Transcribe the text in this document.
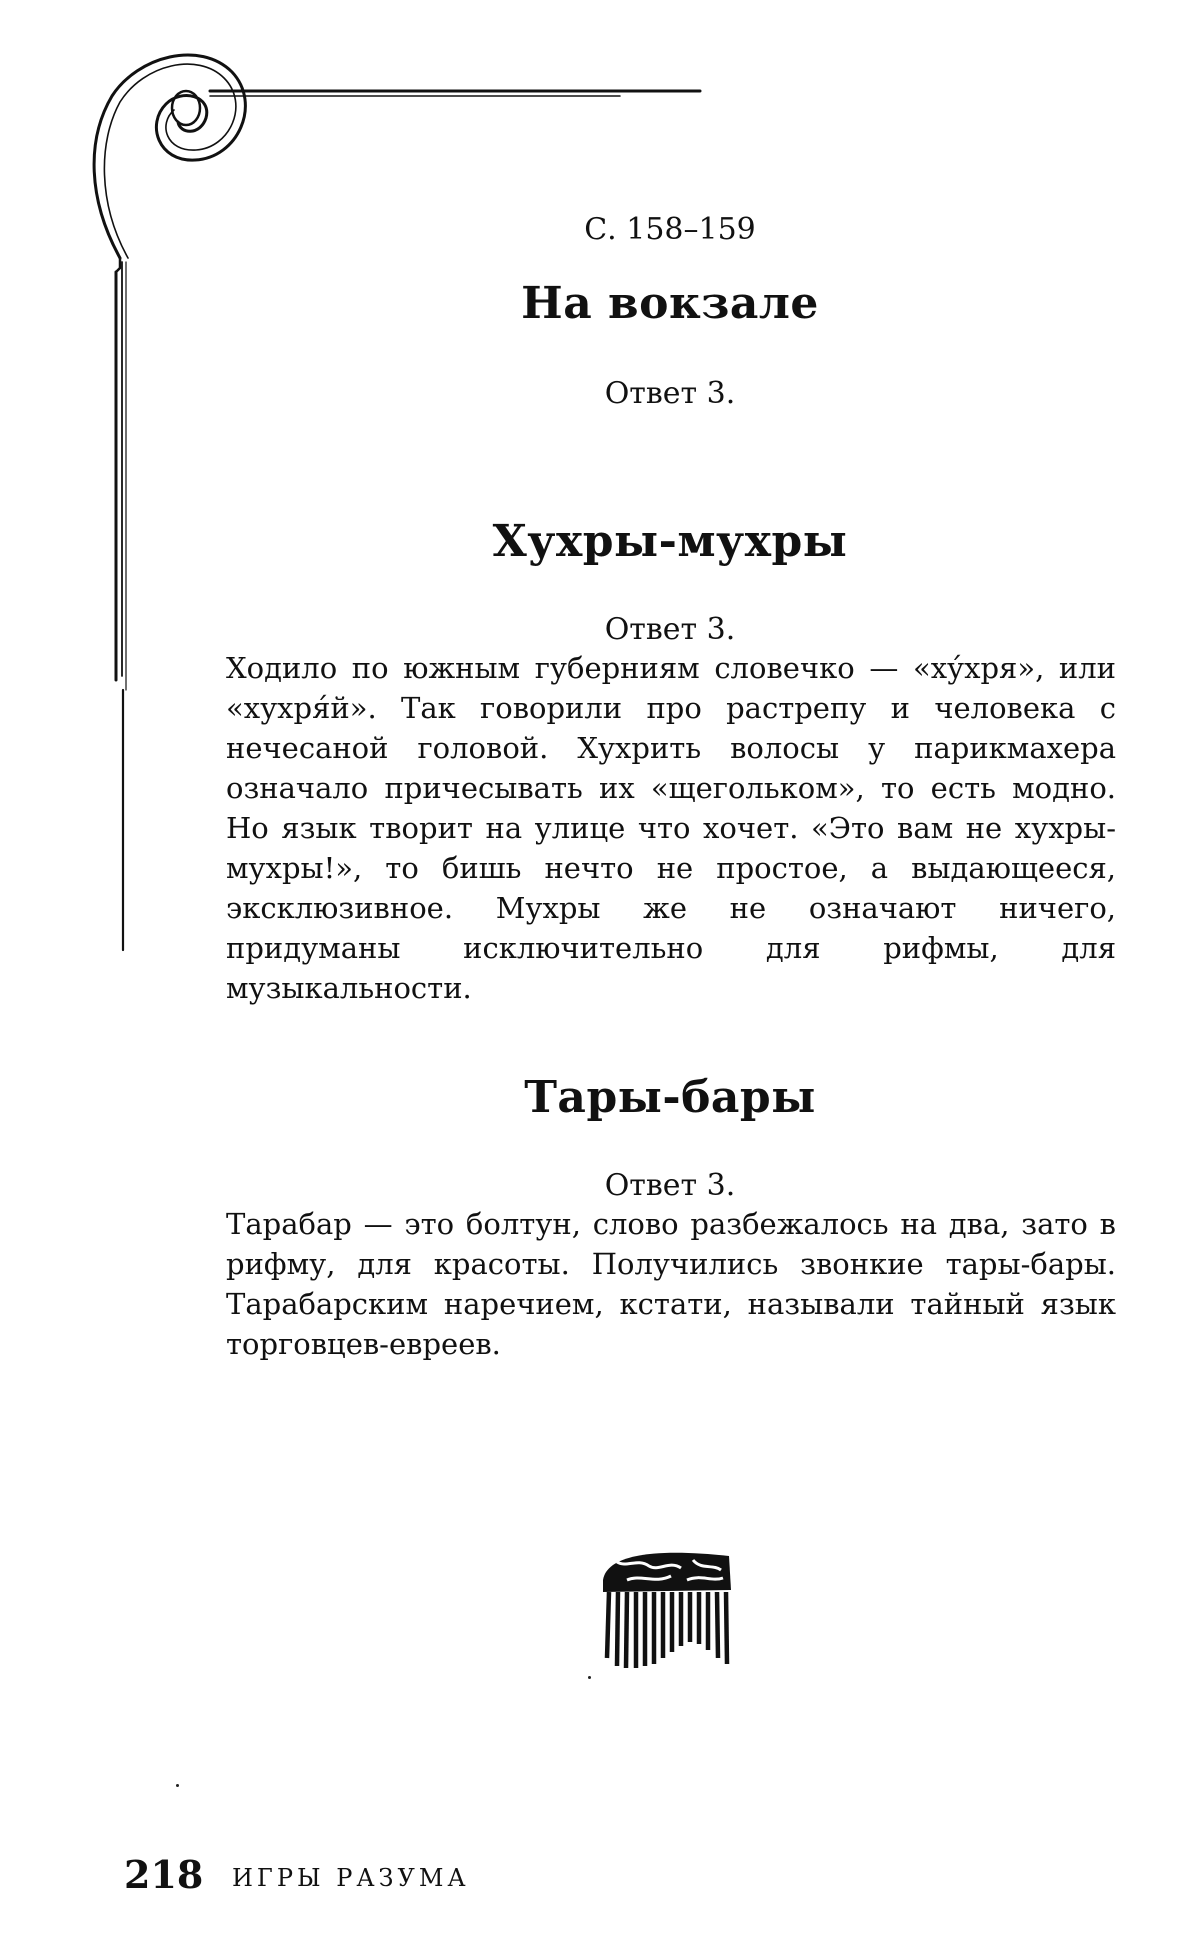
С. 158–159
На вокзале
Ответ 3.
Хухры-мухры
Ответ 3.

Ходило по южным губерниям словечко — «ху́хря», или «хухря́й». Так говорили про растрепу и человека с нечесаной головой. Хухрить волосы у парикмахера означало причесывать их «щегольком», то есть модно. Но язык творит на улице что хочет. «Это вам не хухры-мухры!», то бишь нечто не простое, а выдающееся, эксклюзивное. Мухры же не означают ничего, придуманы исключительно для рифмы, для музыкальности.

Тары-бары
Ответ 3.

Тарабар — это болтун, слово разбежалось на два, зато в рифму, для красоты. Получились звонкие тары-бары. Тарабарским наречием, кстати, называли тайный язык торговцев-евреев.

218 ИГРЫ РАЗУМА
